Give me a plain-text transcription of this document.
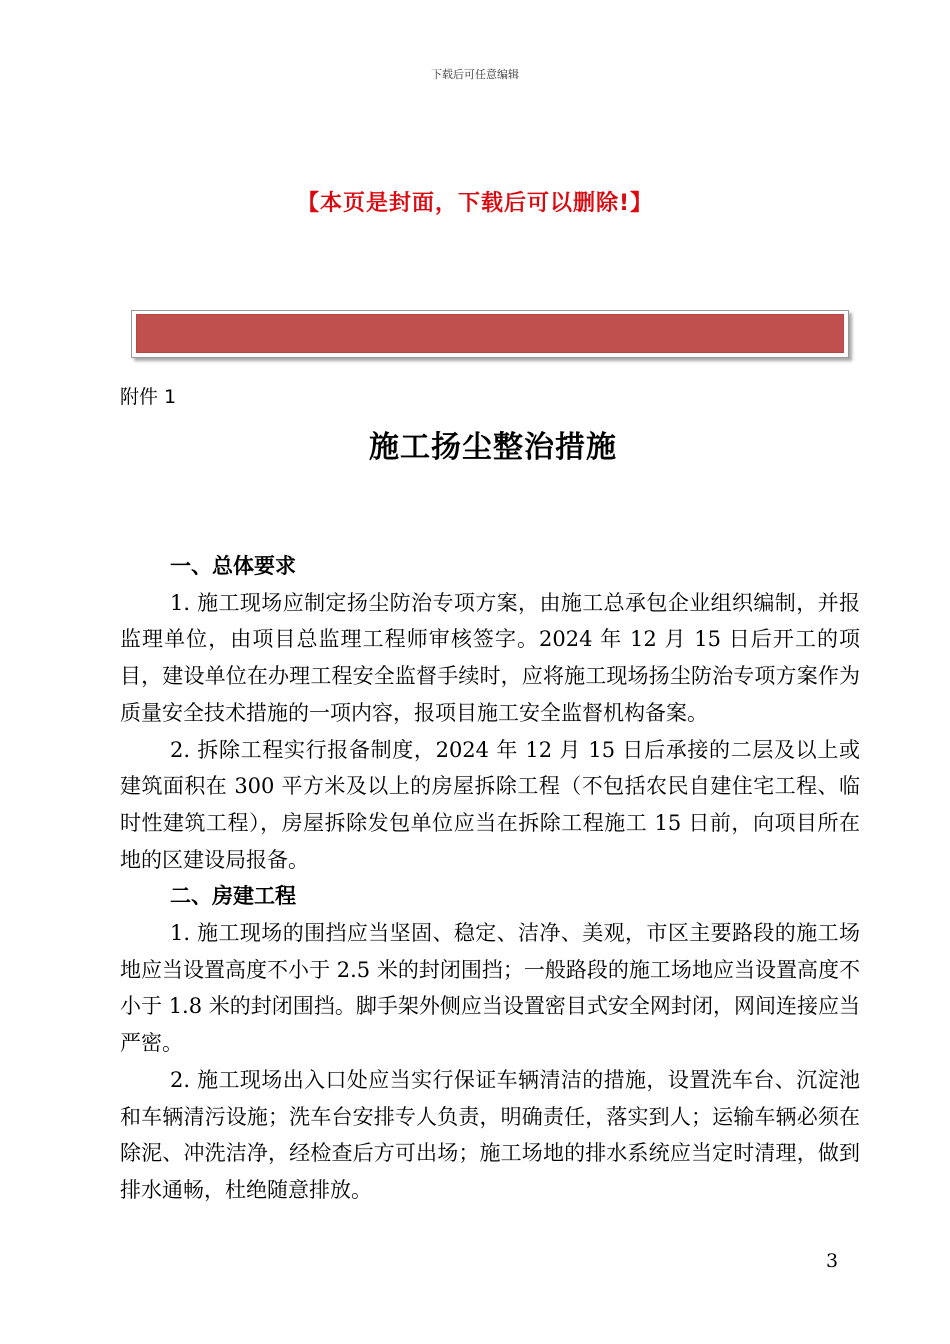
下载后可任意编辑
【本页是封面，下载后可以删除!】
附件 1
施工扬尘整治措施

一、总体要求

1. 施工现场应制定扬尘防治专项方案，由施工总承包企业组织编制，并报监理单位，由项目总监理工程师审核签字。2024 年 12 月 15 日后开工的项目，建设单位在办理工程安全监督手续时，应将施工现场扬尘防治专项方案作为质量安全技术措施的一项内容，报项目施工安全监督机构备案。

2. 拆除工程实行报备制度，2024 年 12 月 15 日后承接的二层及以上或建筑面积在 300 平方米及以上的房屋拆除工程（不包括农民自建住宅工程、临时性建筑工程），房屋拆除发包单位应当在拆除工程施工 15 日前，向项目所在地的区建设局报备。

二、房建工程

1. 施工现场的围挡应当坚固、稳定、洁净、美观，市区主要路段的施工场地应当设置高度不小于 2.5 米的封闭围挡；一般路段的施工场地应当设置高度不小于 1.8 米的封闭围挡。脚手架外侧应当设置密目式安全网封闭，网间连接应当严密。

2. 施工现场出入口处应当实行保证车辆清洁的措施，设置洗车台、沉淀池和车辆清污设施；洗车台安排专人负责，明确责任，落实到人；运输车辆必须在除泥、冲洗洁净，经检查后方可出场；施工场地的排水系统应当定时清理，做到排水通畅，杜绝随意排放。

3
